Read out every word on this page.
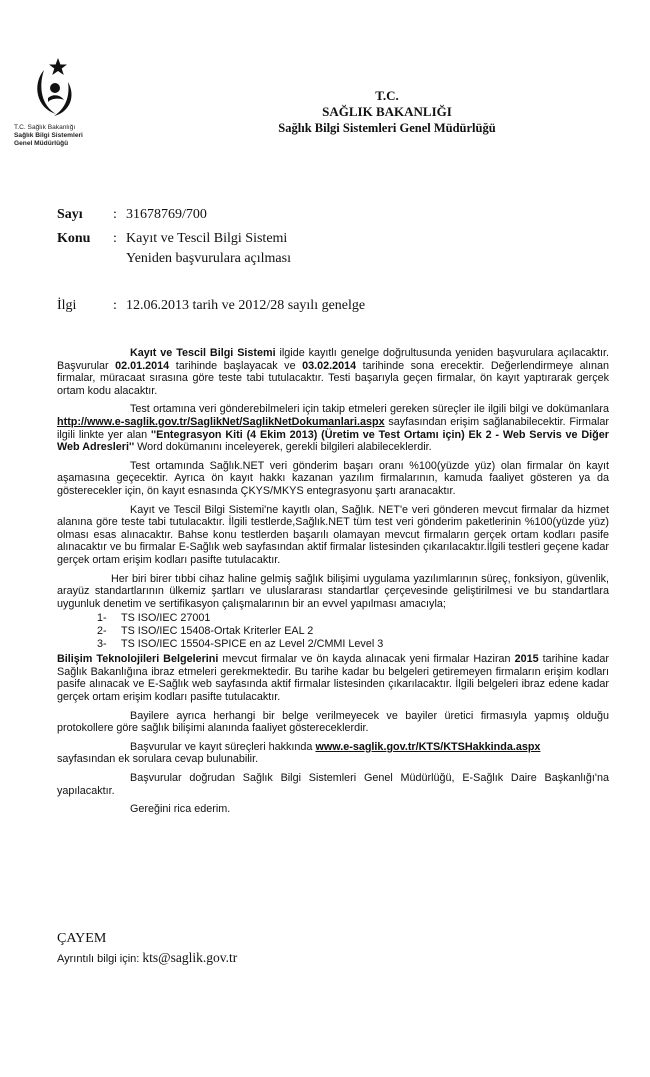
T.C. Sağlık Bakanlığı
Sağlık Bilgi Sistemleri
Genel Müdürlüğü
T.C.
SAĞLIK BAKANLIĞI
Sağlık Bilgi Sistemleri Genel Müdürlüğü
Sayı : 31678769/700
Konu : Kayıt ve Tescil Bilgi Sistemi
Yeniden başvurulara açılması
İlgi	: 12.06.2013 tarih ve 2012/28 sayılı genelge

Kayıt ve Tescil Bilgi Sistemi ilgide kayıtlı genelge doğrultusunda yeniden başvurulara açılacaktır. Başvurular 02.01.2014 tarihinde başlayacak ve 03.02.2014 tarihinde sona erecektir. Değerlendirmeye alınan firmalar, müracaat sırasına göre teste tabi tutulacaktır. Testi başarıyla geçen firmalar, ön kayıt yaptırarak gerçek ortam kodu alacaktır.

Test ortamına veri gönderebilmeleri için takip etmeleri gereken süreçler ile ilgili bilgi ve dokümanlara http://www.e-saglik.gov.tr/SaglikNet/SaglikNetDokumanlari.aspx sayfasından erişim sağlanabilecektir. Firmalar ilgili linkte yer alan ''Entegrasyon Kiti (4 Ekim 2013) (Üretim ve Test Ortamı için) Ek 2 - Web Servis ve Diğer Web Adresleri'' Word dokümanını inceleyerek, gerekli bilgileri alabileceklerdir.

Test ortamında Sağlık.NET veri gönderim başarı oranı %100(yüzde yüz) olan firmalar ön kayıt aşamasına geçecektir. Ayrıca ön kayıt hakkı kazanan yazılım firmalarının, kamuda faaliyet gösteren ya da gösterecekler için, ön kayıt esnasında ÇKYS/MKYS entegrasyonu şartı aranacaktır.

Kayıt ve Tescil Bilgi Sistemi'ne kayıtlı olan, Sağlık. NET'e veri gönderen mevcut firmalar da hizmet alanına göre teste tabi tutulacaktır. İlgili testlerde,Sağlık.NET tüm test veri gönderim paketlerinin %100(yüzde yüz) olması esas alınacaktır. Bahse konu testlerden başarılı olamayan mevcut firmaların gerçek ortam kodları pasife alınacaktır ve bu firmalar E-Sağlık web sayfasından aktif firmalar listesinden çıkarılacaktır.İlgili testleri geçene kadar gerçek ortam erişim kodları pasifte tutulacaktır.

Her biri birer tıbbi cihaz haline gelmiş sağlık bilişimi uygulama yazılımlarının süreç, fonksiyon, güvenlik, arayüz standartlarının ülkemiz şartları ve uluslararası standartlar çerçevesinde geliştirilmesi ve bu standartlara uygunluk denetim ve sertifikasyon çalışmalarının bir an evvel yapılması amacıyla;

1- TS ISO/IEC 27001
2- TS ISO/IEC 15408-Ortak Kriterler EAL 2
3- TS ISO/IEC 15504-SPICE en az Level 2/CMMI Level 3

Bilişim Teknolojileri Belgelerini mevcut firmalar ve ön kayda alınacak yeni firmalar Haziran 2015 tarihine kadar Sağlık Bakanlığına ibraz etmeleri gerekmektedir. Bu tarihe kadar bu belgeleri getiremeyen firmaların erişim kodları pasife alınacak ve E-Sağlık web sayfasında aktif firmalar listesinden çıkarılacaktır. İlgili belgeleri ibraz edene kadar gerçek ortam erişim kodları pasifte tutulacaktır.

Bayilere ayrıca herhangi bir belge verilmeyecek ve bayiler üretici firmasıyla yapmış olduğu protokollere göre sağlık bilişimi alanında faaliyet göstereceklerdir.

Başvurular ve kayıt süreçleri hakkında www.e-saglik.gov.tr/KTS/KTSHakkinda.aspx

sayfasından ek sorulara cevap bulunabilir.

Başvurular doğrudan Sağlık Bilgi Sistemleri Genel Müdürlüğü, E-Sağlık Daire Başkanlığı'na yapılacaktır.

Gereğini rica ederim.

ÇAYEM
Ayrıntılı bilgi için: kts@saglik.gov.tr
